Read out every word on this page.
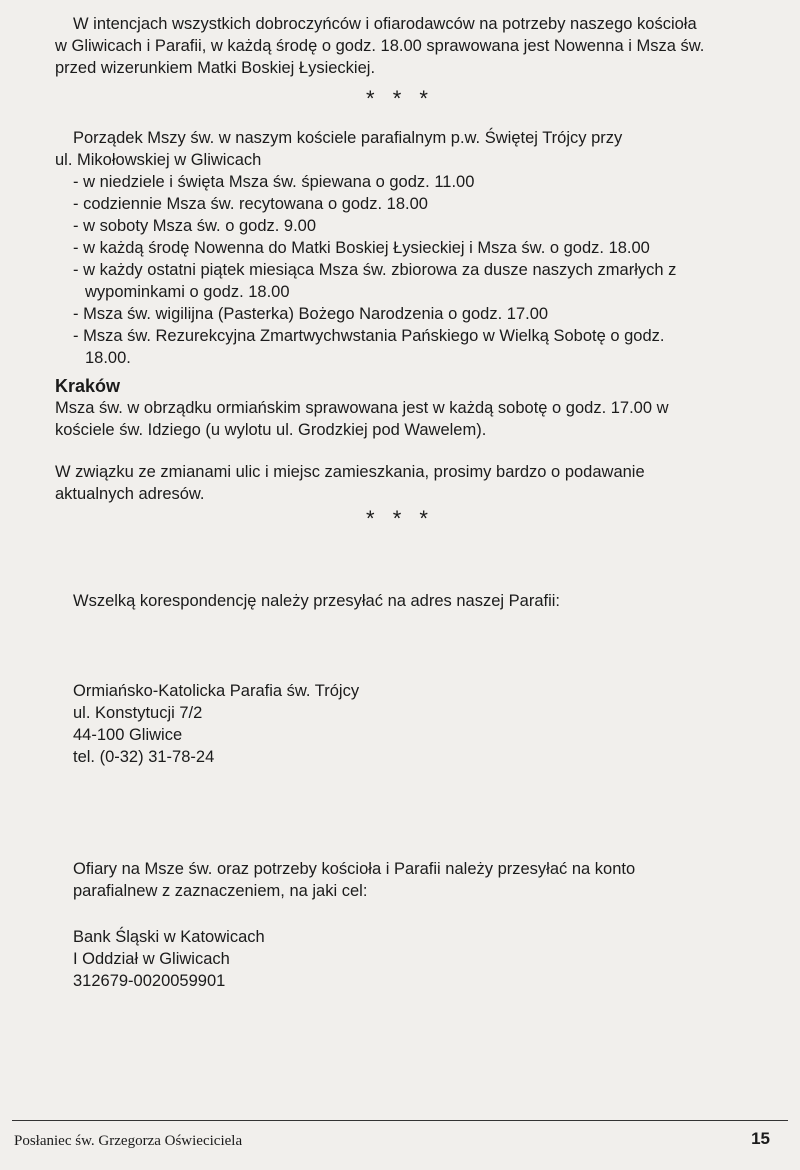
W intencjach wszystkich dobroczyńców i ofiarodawców na potrzeby naszego kościoła

w Gliwicach i Parafii, w każdą środę o godz. 18.00 sprawowana jest Nowenna i Msza św.

przed wizerunkiem Matki Boskiej Łysieckiej.

* * *

Porządek Mszy św. w naszym kościele parafialnym p.w. Świętej Trójcy przy

ul. Mikołowskiej w Gliwicach

- w niedziele i święta Msza św. śpiewana o godz. 11.00
- codziennie Msza św. recytowana o godz. 18.00
- w soboty Msza św. o godz. 9.00
- w każdą środę Nowenna do Matki Boskiej Łysieckiej i Msza św. o godz. 18.00
- w każdy ostatni piątek miesiąca Msza św. zbiorowa za dusze naszych zmarłych z
wypominkami o godz. 18.00
- Msza św. wigilijna (Pasterka) Bożego Narodzenia o godz. 17.00
- Msza św. Rezurekcyjna Zmartwychwstania Pańskiego w Wielką Sobotę o godz.
18.00.

Kraków

Msza św. w obrządku ormiańskim sprawowana jest w każdą sobotę o godz. 17.00 w

kościele św. Idziego (u wylotu ul. Grodzkiej pod Wawelem).

W związku ze zmianami ulic i miejsc zamieszkania, prosimy bardzo o podawanie

aktualnych adresów.

* * *

Wszelką korespondencję należy przesyłać na adres naszej Parafii:

Ormiańsko-Katolicka Parafia św. Trójcy

ul. Konstytucji 7/2

44-100 Gliwice

tel. (0-32) 31-78-24

Ofiary na Msze św. oraz potrzeby kościoła i Parafii należy przesyłać na konto

parafialnew z zaznaczeniem, na jaki cel:

Bank Śląski w Katowicach

I Oddział w Gliwicach

312679-0020059901

Posłaniec św. Grzegorza Oświeciciela	15
